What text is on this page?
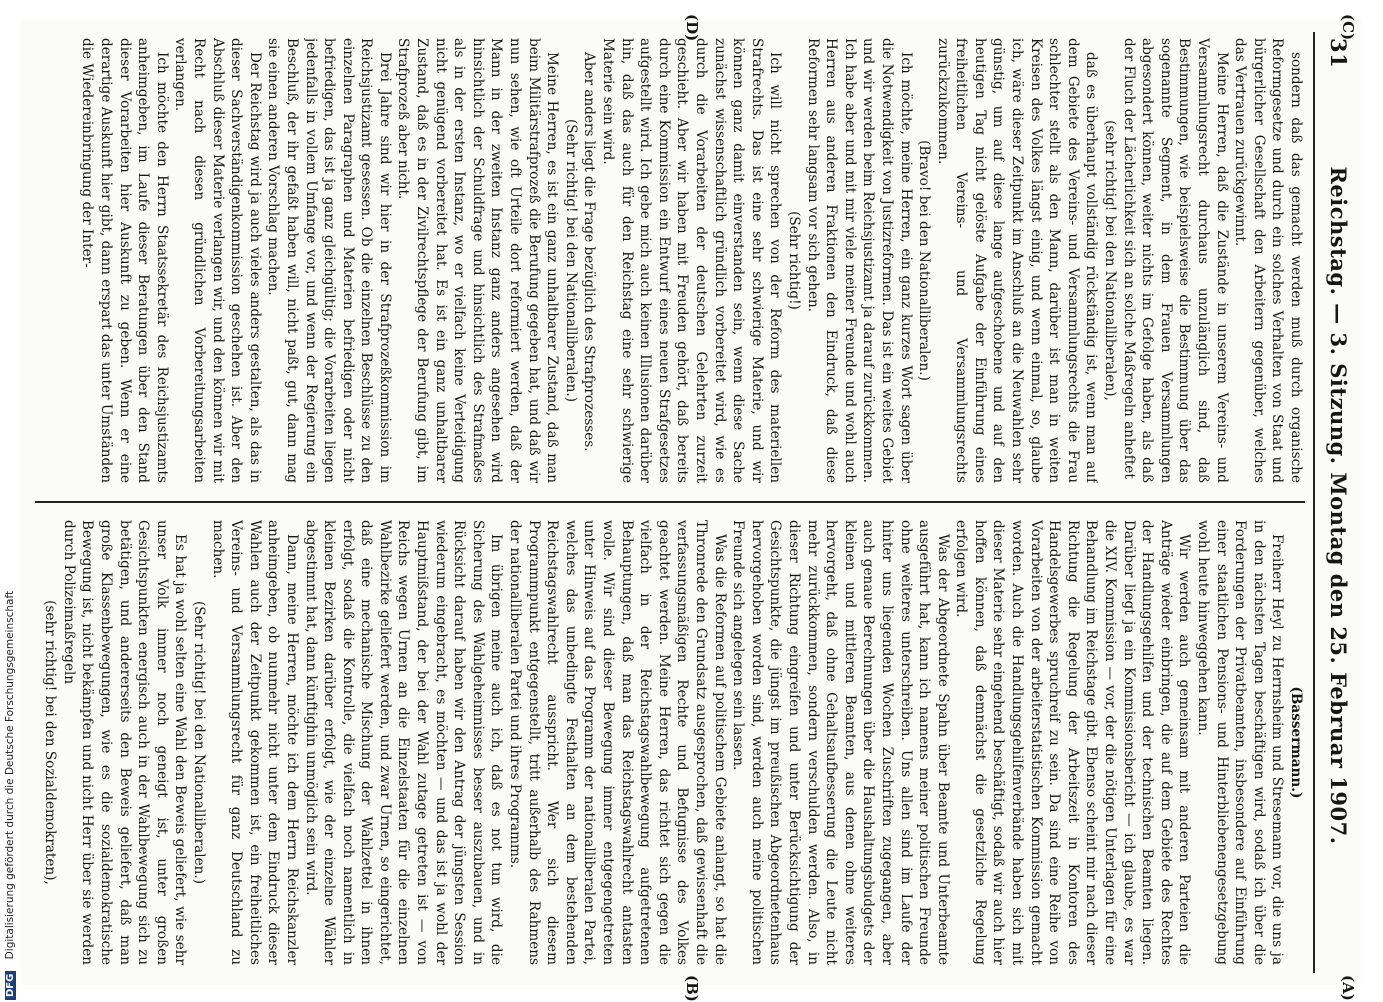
31
Reichstag. — 3. Sitzung. Montag den 25. Februar 1907.
(C)
(D)
(A)
(B)

sondern daß das gemacht werden muß durch organische Reformgesetze und durch ein solches Verhalten von Staat und bürgerlicher Gesellschaft den Arbeitern gegenüber, welches das Vertrauen zurückgewinnt.

Meine Herren, daß die Zustände in unserem Vereins- und Versammlungsrecht durchaus unzulänglich sind, daß Bestimmungen, wie beispielsweise die Bestimmung über das sogenannte Segment, in dem Frauen Versammlungen abgesondert können, weiter nichts im Gefolge haben, als daß der Fluch der Lächerlichkeit sich an solche Maßregeln anheftet

(sehr richtig! bei den Nationalliberalen),

daß es überhaupt vollständig rückständig ist, wenn man auf dem Gebiete des Vereins- und Versammlungsrechts die Frau schlechter stellt als den Mann, darüber ist man in weiten Kreisen des Volkes längst einig, und wenn einmal, so, glaube ich, wäre dieser Zeitpunkt im Anschluß an die Neuwahlen sehr günstig, um auf diese lange aufgeschobene und auf den heutigen Tag nicht gelöste Aufgabe der Einführung eines freiheitlichen Vereins- und Versammlungsrechts zurückzukommen.

(Bravo! bei den Nationalliberalen.)

Ich möchte, meine Herren, ein ganz kurzes Wort sagen über die Notwendigkeit von Justizreformen. Das ist ein weites Gebiet und wir werden beim Reichsjustizamt ja darauf zurückkommen. Ich habe aber und mit mir viele meiner Freunde und wohl auch Herren aus anderen Fraktionen den Eindruck, daß diese Reformen sehr langsam vor sich gehen.

(Sehr richtig!)

Ich will nicht sprechen von der Reform des materiellen Strafrechts. Das ist eine sehr schwierige Materie, und wir können ganz damit einverstanden sein, wenn diese Sache zunächst wissenschaftlich gründlich vorbereitet wird, wie es durch die Vorarbeiten der deutschen Gelehrten zurzeit geschieht. Aber wir haben mit Freuden gehört, daß bereits durch eine Kommission ein Entwurf eines neuen Strafgesetzes aufgestellt wird. Ich gebe mich auch keinen Illusionen darüber hin, daß das auch für den Reichstag eine sehr schwierige Materie sein wird.

Aber anders liegt die Frage bezüglich des Strafprozesses.

(Sehr richtig! bei den Nationalliberalen.)

Meine Herren, es ist ein ganz unhaltbarer Zustand, daß man beim Militärstrafprozeß die Berufung gegeben hat, und daß wir nun sehen, wie oft Urteile dort reformiert werden, daß der Mann in der zweiten Instanz ganz anders angesehen wird hinsichtlich der Schuldfrage und hinsichtlich des Strafmaßes als in der ersten Instanz, wo er vielfach keine Verteidigung nicht genügend vorbereitet hat. Es ist ein ganz unhaltbarer Zustand, daß es in der Zivilrechtspflege der Berufung gibt, im Strafprozeß aber nicht.

Drei Jahre sind wir hier in der Strafprozeßkommission im Reichsjustizamt gesessen. Ob die einzelnen Beschlüsse zu den einzelnen Paragraphen und Materien befriedigen oder nicht befriedigen, das ist ja ganz gleichgültig; die Vorarbeiten liegen jedenfalls in vollem Umfange vor, und wenn der Regierung ein Beschluß, der ihr gefaßt haben will, nicht paßt, gut, dann mag sie einen anderen Vorschlag machen.

Der Reichstag wird ja auch vieles anders gestalten, als das in dieser Sachverständigenkommission geschehen ist. Aber den Abschluß dieser Materie verlangen wir, und den können wir mit Recht nach diesen gründlichen Vorbereitungsarbeiten verlangen.

Ich möchte den Herrn Staatssekretär des Reichsjustizamts anheimgeben, im Laufe dieser Beratungen über den Stand dieser Vorarbeiten hier Auskunft zu geben. Wenn er eine derartige Auskunft hier gibt, dann erspart das unter Umständen die Wiedereinbringung der Inter-

(Bassermann.)

Freiherr Heyl zu Herrnsheim und Stresemann vor, die uns ja in den nächsten Tagen beschäftigen wird, sodaß ich über die Forderungen der Privatbeamten, insbesondere auf Einführung einer staatlichen Pensions- und Hinterbliebenengesetzgebung wohl heute hinweggehen kann.

Wir werden auch gemeinsam mit anderen Parteien die Anträge wieder einbringen, die auf dem Gebiete des Rechtes der Handlungsgehilfen und der technischen Beamten liegen. Darüber liegt ja ein Kommissionsbericht — ich glaube, es war die XIV. Kommission — vor, der die nötigen Unterlagen für eine Behandlung im Reichstage gibt. Ebenso scheint mir nach dieser Richtung die Regelung der Arbeitszeit in Kontoren des Handelsgewerbes spruchreif zu sein. Da sind eine Reihe von Vorarbeiten von der arbeiterstatistischen Kommission gemacht worden. Auch die Handlungsgehilfenverbände haben sich mit dieser Materie sehr eingehend beschäftigt, sodaß wir auch hier hoffen können, daß demnächst die gesetzliche Regelung erfolgen wird.

Was der Abgeordnete Spahn über Beamte und Unterbeamte ausgeführt hat, kann ich namens meiner politischen Freunde ohne weiteres unterschreiben. Uns allen sind im Laufe der hinter uns liegenden Wochen Zuschriften zugegangen, aber auch genaue Berechnungen über die Haushaltungsbudgets der kleinen und mittleren Beamten, aus denen ohne weiteres hervorgeht, daß ohne Gehaltsaufbesserung die Leute nicht mehr zurückkommen, sondern verschulden werden. Also, in dieser Richtung eingreifen und unter Berücksichtigung der Gesichtspunkte, die jüngst im preußischen Abgeordnetenhaus hervorgehoben worden sind, werden auch meine politischen Freunde sich angelegen sein lassen.

Was die Reformen auf politischem Gebiete anlangt, so hat die Thronrede den Grundsatz ausgesprochen, daß gewissenhaft die verfassungsmäßigen Rechte und Befugnisse des Volkes geachtet werden. Meine Herren, das richtet sich gegen die vielfach in der Reichstagswahlbewegung aufgetretenen Behauptungen, daß man das Reichstagswahlrecht antasten wolle. Wir sind dieser Bewegung immer entgegengetreten unter Hinweis auf das Programm der nationalliberalen Partei, welches das unbedingte Festhalten an dem bestehenden Reichstagswahlrecht ausspricht. Wer sich diesem Programmpunkt entgegenstellt, tritt außerhalb des Rahmens der nationalliberalen Partei und ihres Programms.

Im übrigen meine auch ich, daß es not tun wird, die Sicherung des Wahlgeheimnisses besser auszubauen, und in Rücksicht darauf haben wir den Antrag der jüngsten Session wiederum eingebracht, es möchten — und das ist ja wohl der Hauptmißstand, der bei der Wahl zutage getreten ist — von Reichs wegen Urnen an die Einzelstaaten für die einzelnen Wahlbezirke geliefert werden, und zwar Urnen, so eingerichtet, daß eine mechanische Mischung der Wahlzettel in ihnen erfolgt, sodaß die Kontrolle, die vielfach noch namentlich in kleinen Bezirken darüber erfolgt, wie der einzelne Wähler abgestimmt hat, dann künftighin unmöglich sein wird.

Dann, meine Herren, möchte ich dem Herrn Reichskanzler anheimgeben, ob nunmehr nicht unter dem Eindruck dieser Wahlen auch der Zeitpunkt gekommen ist, ein freiheitliches Vereins- und Versammlungsrecht für ganz Deutschland zu machen.

(Sehr richtig! bei den Nationalliberalen.)

Es hat ja wohl selten eine Wahl den Beweis geliefert, wie sehr unser Volk immer noch geneigt ist, unter großen Gesichtspunkten energisch auch in der Wahlbewegung sich zu betätigen, und andererseits den Beweis geliefert, daß man große Klassenbewegungen, wie es die sozialdemokratische Bewegung ist, nicht bekämpfen und nicht Herr über sie werden durch Polizeimaßregeln

(sehr richtig! bei den Sozialdemokraten),

DFG Digitalisierung gefördert durch die Deutsche Forschungsgemeinschaft
